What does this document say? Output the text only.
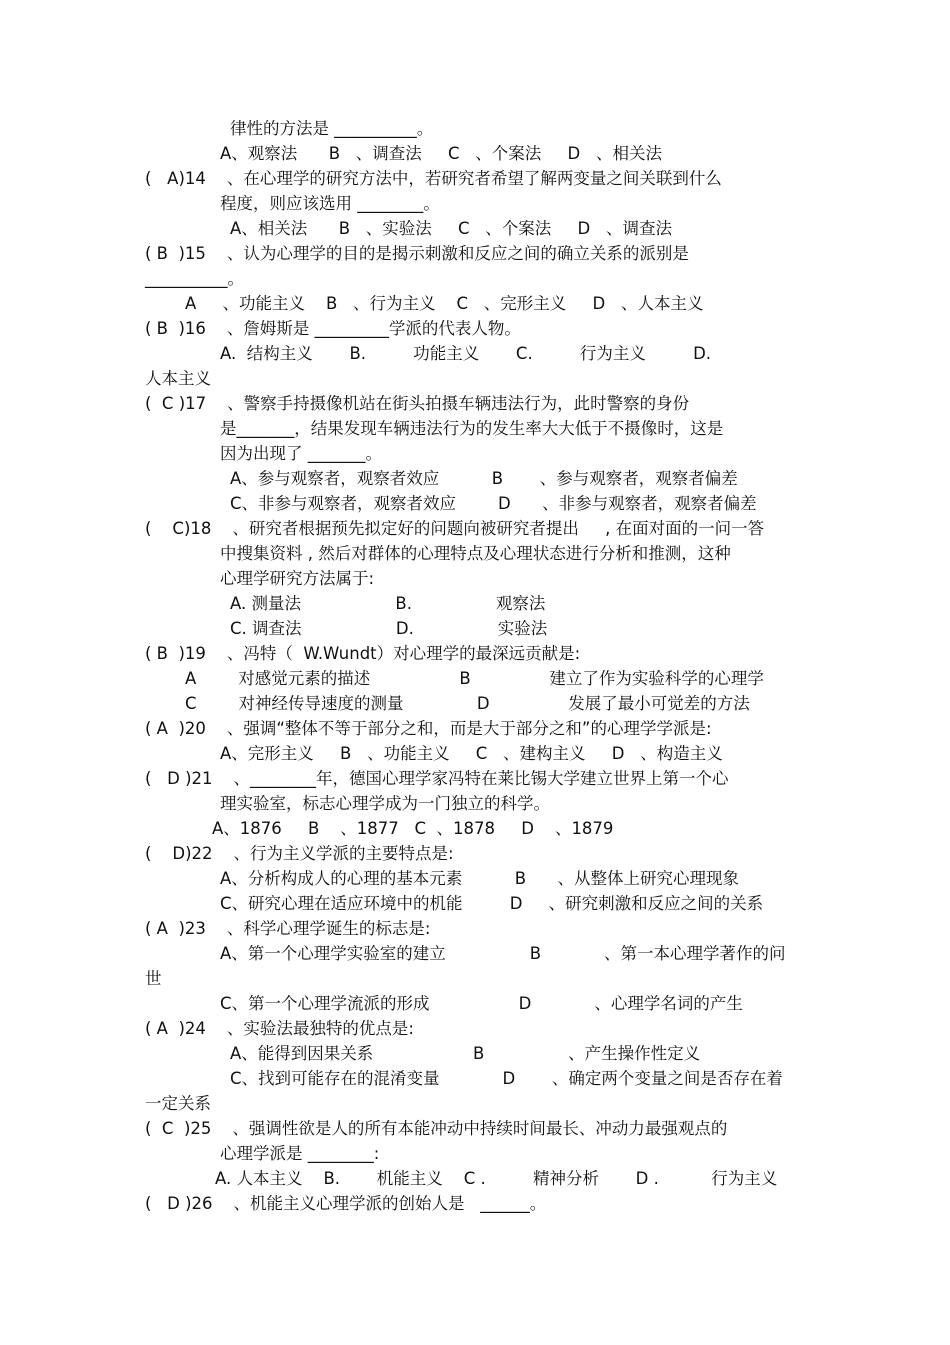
律性的方法是 __________。
A、观察法      B   、调查法     C   、个案法     D   、相关法
(   A)14    、在心理学的研究方法中，若研究者希望了解两变量之间关联到什么
程度，则应该选用 ________。
A、相关法      B   、实验法     C   、个案法     D   、调查法
( B  )15    、认为心理学的目的是揭示刺激和反应之间的确立关系的派别是
__________。
A     、功能主义    B   、行为主义    C   、完形主义     D   、人本主义
( B  )16    、詹姆斯是 _________学派的代表人物。
A.  结构主义       B.         功能主义       C.         行为主义         D.
人本主义
(  C )17    、警察手持摄像机站在街头拍摄车辆违法行为，此时警察的身份
是_______，结果发现车辆违法行为的发生率大大低于不摄像时，这是
因为出现了 _______。
A、参与观察者，观察者效应          B       、参与观察者，观察者偏差
C、非参与观察者，观察者效应        D      、非参与观察者，观察者偏差
(    C)18    、研究者根据预先拟定好的问题向被研究者提出     , 在面对面的一问一答
中搜集资料 , 然后对群体的心理特点及心理状态进行分析和推测，这种
心理学研究方法属于:
A. 测量法                  B.                观察法
C. 调查法                  D.                实验法
( B  )19    、冯特（  W.Wundt）对心理学的最深远贡献是:
A        对感觉元素的描述                 B               建立了作为实验科学的心理学
C        对神经传导速度的测量              D               发展了最小可觉差的方法
( A  )20    、强调“整体不等于部分之和，而是大于部分之和”的心理学学派是:
A、完形主义     B   、功能主义     C   、建构主义     D   、构造主义
(   D )21    、________年，德国心理学家冯特在莱比锡大学建立世界上第一个心
理实验室，标志心理学成为一门独立的科学。
A、1876     B    、1877   C  、1878     D    、1879
(    D)22    、行为主义学派的主要特点是:
A、分析构成人的心理的基本元素          B      、从整体上研究心理现象
C、研究心理在适应环境中的机能         D     、研究刺激和反应之间的关系
( A  )23    、科学心理学诞生的标志是:
A、第一个心理学实验室的建立                B            、第一本心理学著作的问
世
C、第一个心理学流派的形成                 D            、心理学名词的产生
( A  )24    、实验法最独特的优点是:
A、能得到因果关系                   B                、产生操作性定义
C、找到可能存在的混淆变量            D       、确定两个变量之间是否存在着
一定关系
(  C  )25    、强调性欲是人的所有本能冲动中持续时间最长、冲动力最强观点的
心理学派是 ________:
A. 人本主义    B.       机能主义    C .         精神分析       D .          行为主义
(   D )26    、机能主义心理学派的创始人是   ______。
